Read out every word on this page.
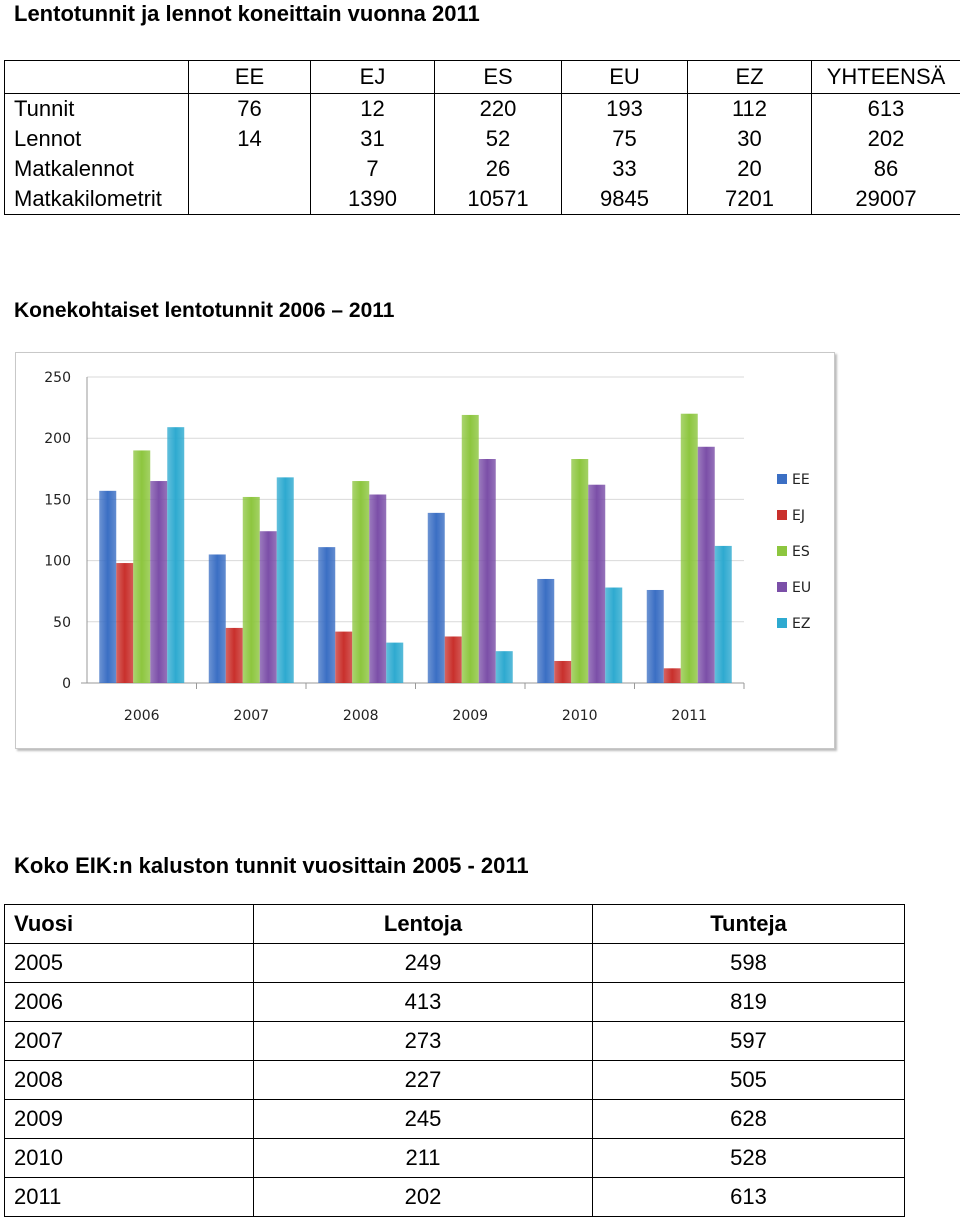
Lentotunnit ja lennot koneittain vuonna 2011
	EE	EJ	ES	EU	EZ	YHTEENSÄ
Tunnit	76	12	220	193	112	613
Lennot	14	31	52	75	30	202
Matkalennot		7	26	33	20	86
Matkakilometrit		1390	10571	9845	7201	29007
Konekohtaiset lentotunnit 2006 – 2011
0
50
100
150
200
250
2006	2007	2008	2009	2010	2011
EE
EJ
ES
EU
EZ
Koko EIK:n kaluston tunnit vuosittain 2005 - 2011
Vuosi	Lentoja	Tunteja
2005	249	598
2006	413	819
2007	273	597
2008	227	505
2009	245	628
2010	211	528
2011	202	613
